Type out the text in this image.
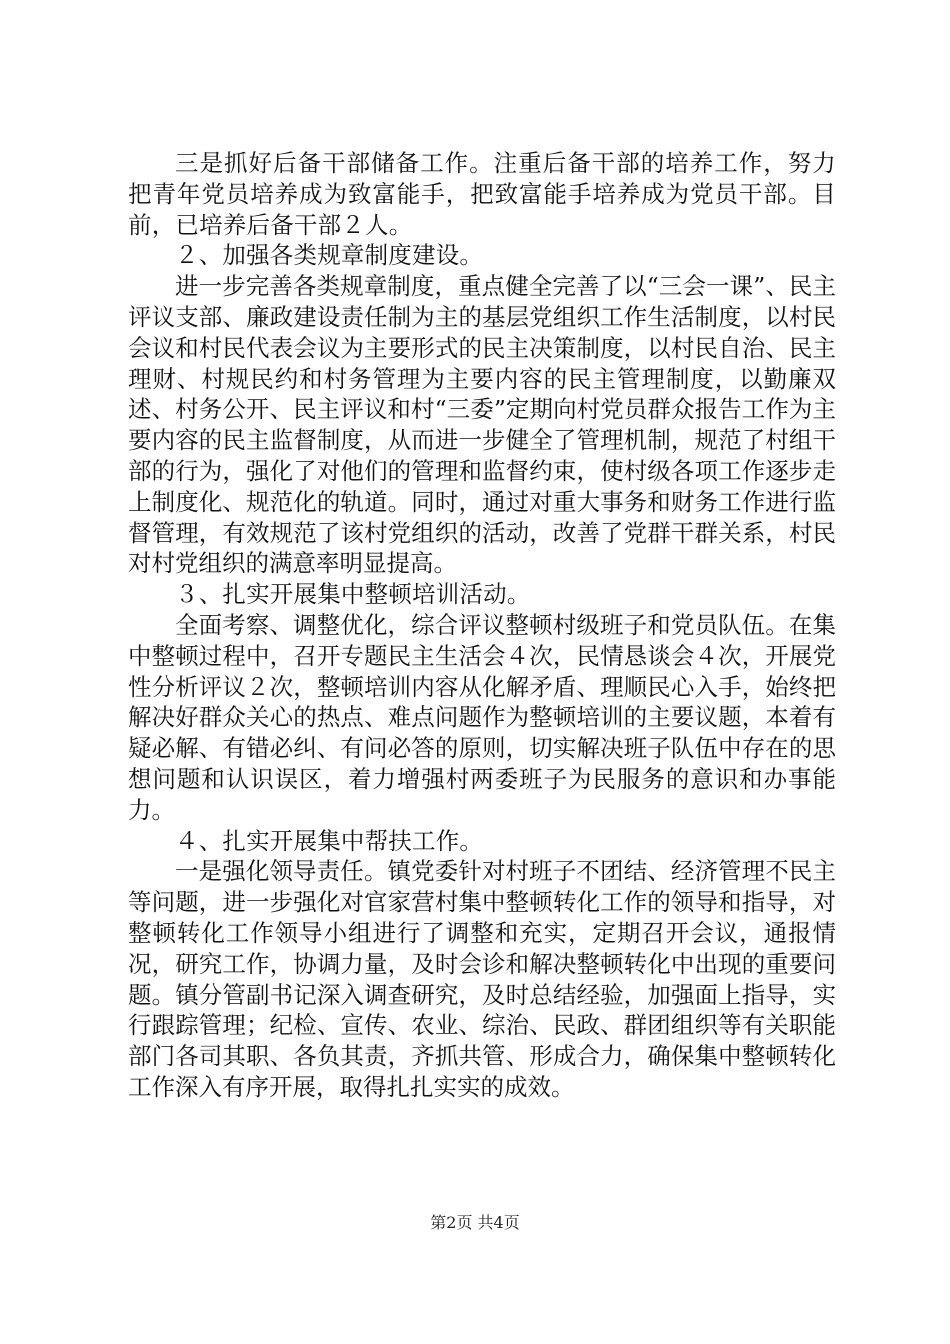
三是抓好后备干部储备工作。注重后备干部的培养工作，努力把青年党员培养成为致富能手，把致富能手培养成为党员干部。目前，已培养后备干部２人。

２、加强各类规章制度建设。

进一步完善各类规章制度，重点健全完善了以“三会一课”、民主评议支部、廉政建设责任制为主的基层党组织工作生活制度，以村民会议和村民代表会议为主要形式的民主决策制度，以村民自治、民主理财、村规民约和村务管理为主要内容的民主管理制度，以勤廉双述、村务公开、民主评议和村“三委”定期向村党员群众报告工作为主要内容的民主监督制度，从而进一步健全了管理机制，规范了村组干部的行为，强化了对他们的管理和监督约束，使村级各项工作逐步走上制度化、规范化的轨道。同时，通过对重大事务和财务工作进行监督管理，有效规范了该村党组织的活动，改善了党群干群关系，村民对村党组织的满意率明显提高。

３、扎实开展集中整顿培训活动。

全面考察、调整优化，综合评议整顿村级班子和党员队伍。在集中整顿过程中，召开专题民主生活会４次，民情恳谈会４次，开展党性分析评议２次，整顿培训内容从化解矛盾、理顺民心入手，始终把解决好群众关心的热点、难点问题作为整顿培训的主要议题，本着有疑必解、有错必纠、有问必答的原则，切实解决班子队伍中存在的思想问题和认识误区，着力增强村两委班子为民服务的意识和办事能力。

４、扎实开展集中帮扶工作。

一是强化领导责任。镇党委针对村班子不团结、经济管理不民主等问题，进一步强化对官家营村集中整顿转化工作的领导和指导，对整顿转化工作领导小组进行了调整和充实，定期召开会议，通报情况，研究工作，协调力量，及时会诊和解决整顿转化中出现的重要问题。镇分管副书记深入调查研究，及时总结经验，加强面上指导，实行跟踪管理；纪检、宣传、农业、综治、民政、群团组织等有关职能部门各司其职、各负其责，齐抓共管、形成合力，确保集中整顿转化工作深入有序开展，取得扎扎实实的成效。

第2页 共4页
